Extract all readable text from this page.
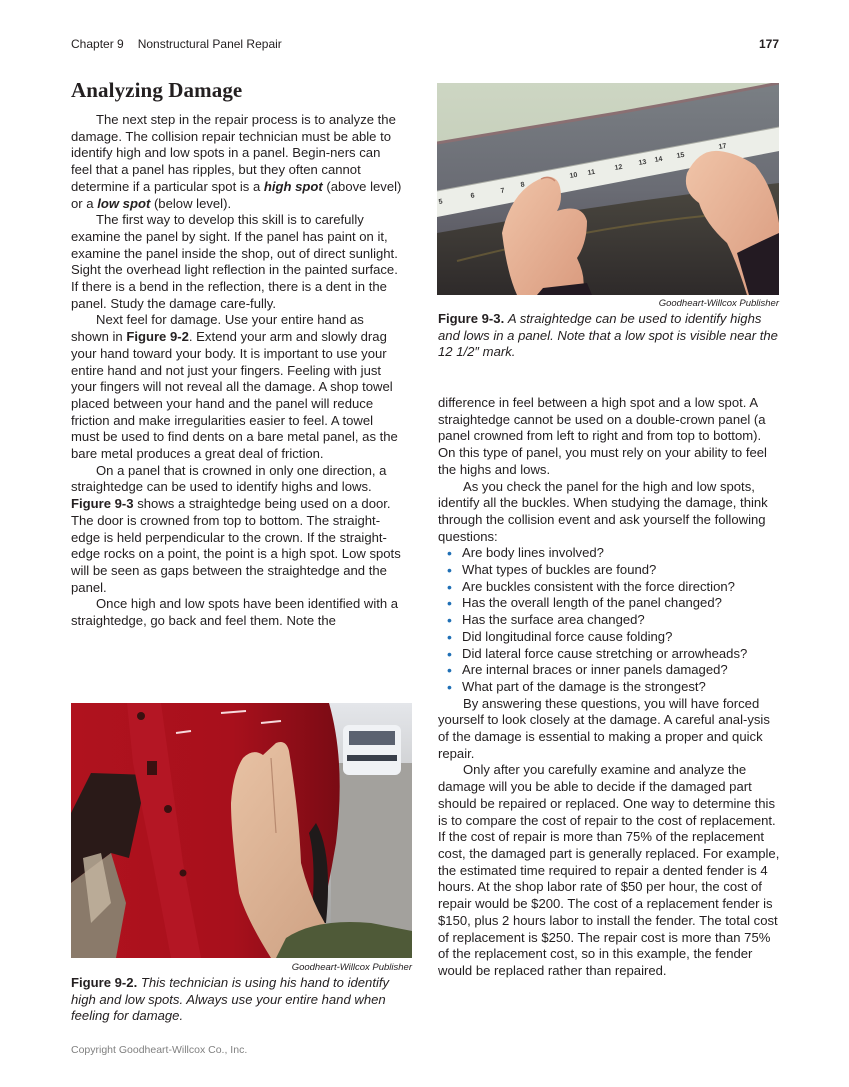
Chapter 9 Nonstructural Panel Repair	177
Analyzing Damage

The next step in the repair process is to analyze the damage. The collision repair technician must be able to identify high and low spots in a panel. Begin-ners can feel that a panel has ripples, but they often cannot determine if a particular spot is a high spot (above level) or a low spot (below level).

The first way to develop this skill is to carefully examine the panel by sight. If the panel has paint on it, examine the panel inside the shop, out of direct sunlight. Sight the overhead light reflection in the painted surface. If there is a bend in the reflection, there is a dent in the panel. Study the damage care-fully.

Next feel for damage. Use your entire hand as shown in Figure 9-2. Extend your arm and slowly drag your hand toward your body. It is important to use your entire hand and not just your fingers. Feeling with just your fingers will not reveal all the damage. A shop towel placed between your hand and the panel will reduce friction and make irregularities easier to feel. A towel must be used to find dents on a bare metal panel, as the bare metal produces a great deal of friction.

On a panel that is crowned in only one direction, a straightedge can be used to identify highs and lows. Figure 9-3 shows a straightedge being used on a door. The door is crowned from top to bottom. The straight-edge is held perpendicular to the crown. If the straight-edge rocks on a point, the point is a high spot. Low spots will be seen as gaps between the straightedge and the panel.

Once high and low spots have been identified with a straightedge, go back and feel them. Note the

5
6
7
8
10 11
12
13 14 15
17
Goodheart-Willcox Publisher
Figure 9-3. A straightedge can be used to identify highs and lows in a panel. Note that a low spot is visible near the 12 1/2″ mark.

difference in feel between a high spot and a low spot. A straightedge cannot be used on a double-crown panel (a panel crowned from left to right and from top to bottom). On this type of panel, you must rely on your ability to feel the highs and lows.

As you check the panel for the high and low spots, identify all the buckles. When studying the damage, think through the collision event and ask yourself the following questions:

• Are body lines involved?
• What types of buckles are found?
• Are buckles consistent with the force direction?
• Has the overall length of the panel changed?
• Has the surface area changed?
• Did longitudinal force cause folding?
• Did lateral force cause stretching or arrowheads?
• Are internal braces or inner panels damaged?
• What part of the damage is the strongest?

By answering these questions, you will have forced yourself to look closely at the damage. A careful anal-ysis of the damage is essential to making a proper and quick repair.

Only after you carefully examine and analyze the damage will you be able to decide if the damaged part should be repaired or replaced. One way to determine this is to compare the cost of repair to the cost of replacement. If the cost of repair is more than 75% of the replacement cost, the damaged part is generally replaced. For example, the estimated time required to repair a dented fender is 4 hours. At the shop labor rate of $50 per hour, the cost of repair would be $200. The cost of a replacement fender is $150, plus 2 hours labor to install the fender. The total cost of replacement is $250. The repair cost is more than 75% of the replacement cost, so in this example, the fender would be replaced rather than repaired.

Goodheart-Willcox Publisher
Figure 9-2. This technician is using his hand to identify high and low spots. Always use your entire hand when feeling for damage.
Copyright Goodheart-Willcox Co., Inc.
